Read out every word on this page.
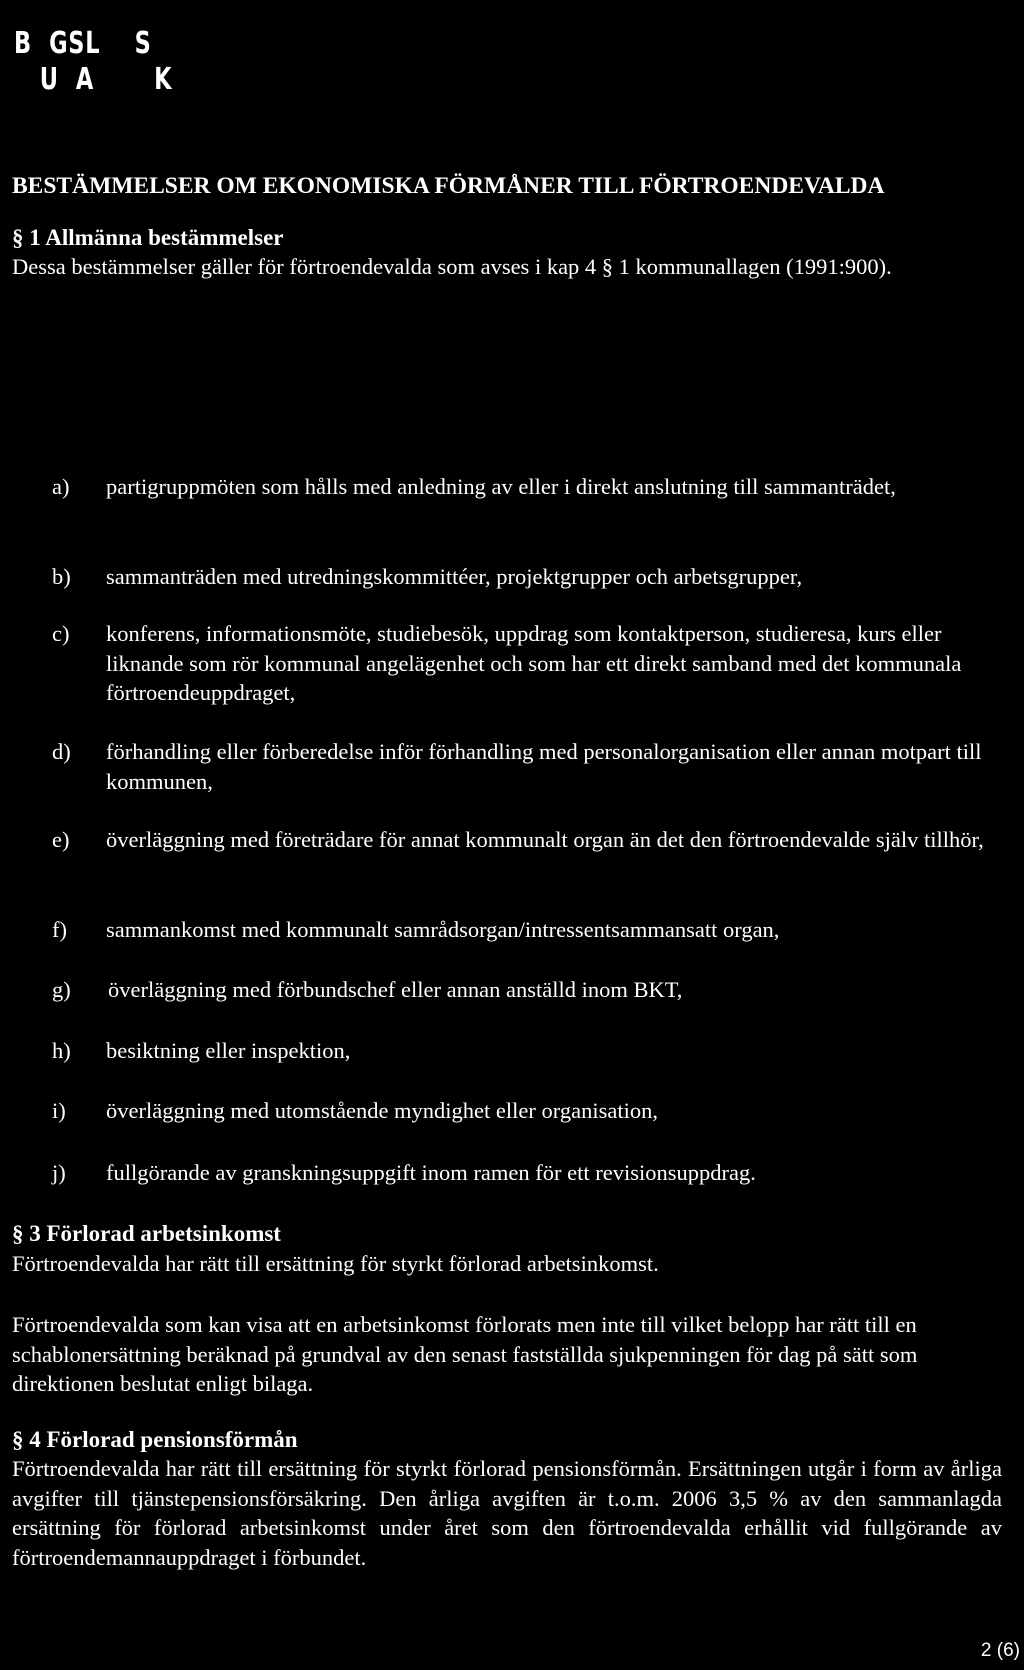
B  GSL    S
U  A       K
BESTÄMMELSER OM EKONOMISKA FÖRMÅNER TILL FÖRTROENDEVALDA
§ 1 Allmänna bestämmelser
Dessa bestämmelser gäller för förtroendevalda som avses i kap 4 § 1 kommunallagen (1991:900).
a) partigruppmöten som hålls med anledning av eller i direkt anslutning till sammanträdet,
b) sammanträden med utredningskommittéer, projektgrupper och arbetsgrupper,
c) konferens, informationsmöte, studiebesök, uppdrag som kontaktperson, studieresa, kurs eller liknande som rör kommunal angelägenhet och som har ett direkt samband med det kommunala förtroendeuppdraget,
d) förhandling eller förberedelse inför förhandling med personalorganisation eller annan motpart till kommunen,
e) överläggning med företrädare för annat kommunalt organ än det den förtroendevalde själv tillhör,
f) sammankomst med kommunalt samrådsorgan/intressentsammansatt organ,
g) överläggning med förbundschef eller annan anställd inom BKT,
h) besiktning eller inspektion,
i) överläggning med utomstående myndighet eller organisation,
j) fullgörande av granskningsuppgift inom ramen för ett revisionsuppdrag.
§ 3 Förlorad arbetsinkomst
Förtroendevalda har rätt till ersättning för styrkt förlorad arbetsinkomst.
Förtroendevalda som kan visa att en arbetsinkomst förlorats men inte till vilket belopp har rätt till en schablonersättning beräknad på grundval av den senast fastställda sjukpenningen för dag på sätt som direktionen beslutat enligt bilaga.
§ 4 Förlorad pensionsförmån
Förtroendevalda har rätt till ersättning för styrkt förlorad pensionsförmån. Ersättningen utgår i form av årliga avgifter till tjänstepensionsförsäkring. Den årliga avgiften är t.o.m. 2006 3,5 % av den sammanlagda ersättning för förlorad arbetsinkomst under året som den förtroendevalda erhållit vid fullgörande av förtroendemannauppdraget i förbundet.
2 (6)
